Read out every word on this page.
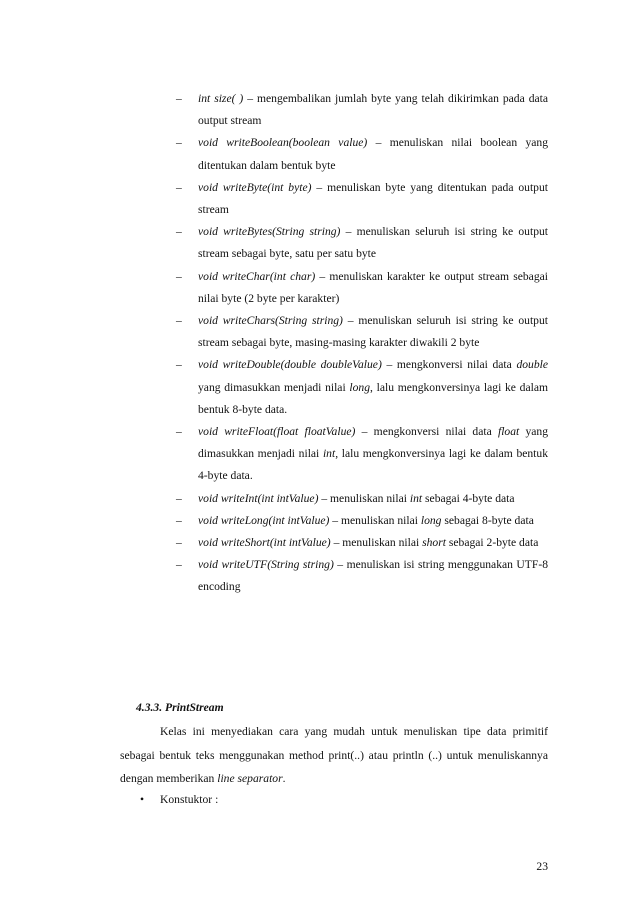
– int size( ) – mengembalikan jumlah byte yang telah dikirimkan pada data output stream
– void writeBoolean(boolean value) – menuliskan nilai boolean yang ditentukan dalam bentuk byte
– void writeByte(int byte) – menuliskan byte yang ditentukan pada output stream
– void writeBytes(String string) – menuliskan seluruh isi string ke output stream sebagai byte, satu per satu byte
– void writeChar(int char) – menuliskan karakter ke output stream sebagai nilai byte (2 byte per karakter)
– void writeChars(String string) – menuliskan seluruh isi string ke output stream sebagai byte, masing-masing karakter diwakili 2 byte
– void writeDouble(double doubleValue) – mengkonversi nilai data double yang dimasukkan menjadi nilai long, lalu mengkonversinya lagi ke dalam bentuk 8-byte data.
– void writeFloat(float floatValue) – mengkonversi nilai data float yang dimasukkan menjadi nilai int, lalu mengkonversinya lagi ke dalam bentuk 4-byte data.
– void writeInt(int intValue) – menuliskan nilai int sebagai 4-byte data
– void writeLong(int intValue) – menuliskan nilai long sebagai 8-byte data
– void writeShort(int intValue) – menuliskan nilai short sebagai 2-byte data
– void writeUTF(String string) – menuliskan isi string menggunakan UTF-8 encoding
4.3.3. PrintStream
Kelas ini menyediakan cara yang mudah untuk menuliskan tipe data primitif sebagai bentuk teks menggunakan method print(..) atau println (..) untuk menuliskannya dengan memberikan line separator.
• Konstuktor :
23
